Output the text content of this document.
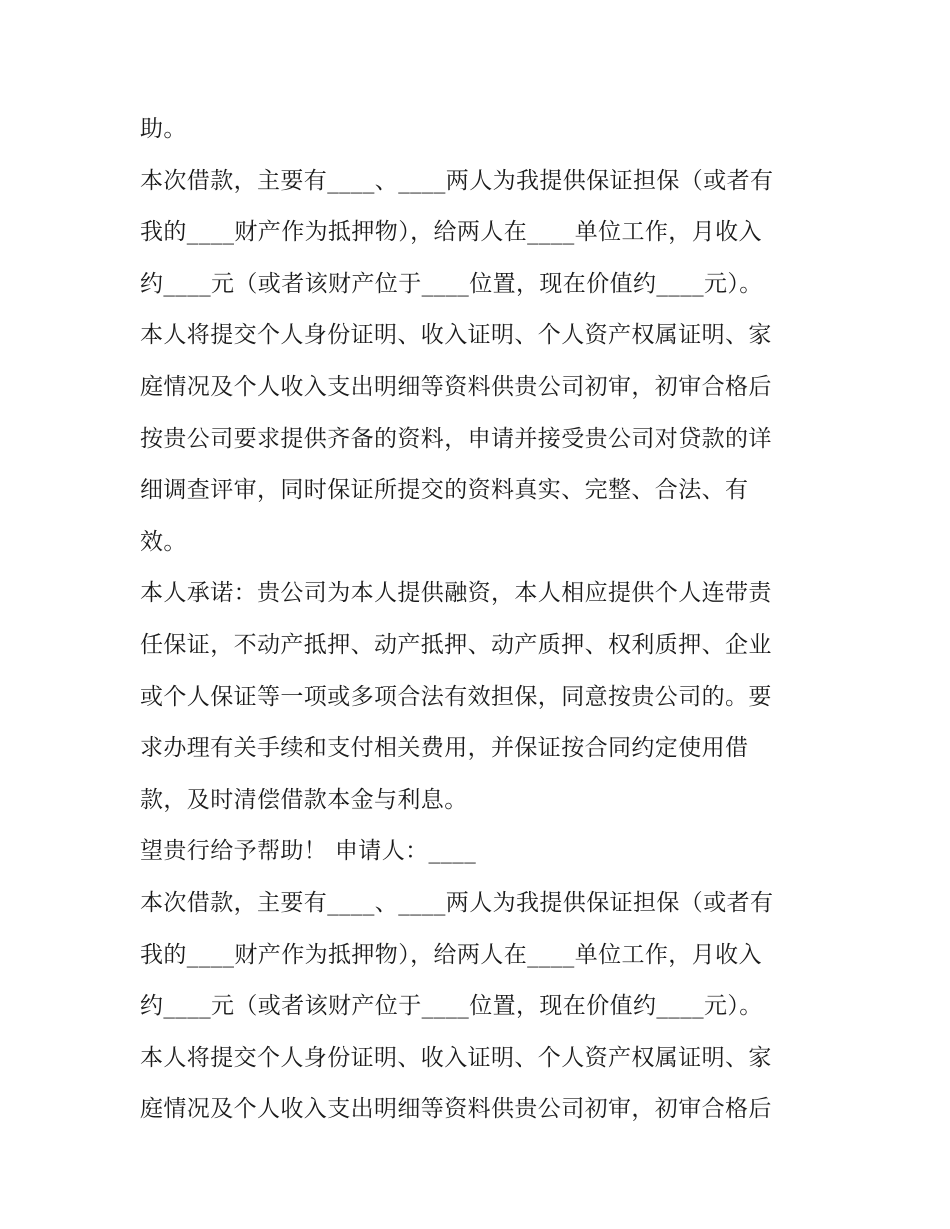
助。
本次借款，主要有____、____两人为我提供保证担保（或者有
我的____财产作为抵押物），给两人在____单位工作，月收入
约____元（或者该财产位于____位置，现在价值约____元）。
本人将提交个人身份证明、收入证明、个人资产权属证明、家
庭情况及个人收入支出明细等资料供贵公司初审，初审合格后
按贵公司要求提供齐备的资料，申请并接受贵公司对贷款的详
细调查评审，同时保证所提交的资料真实、完整、合法、有
效。
本人承诺：贵公司为本人提供融资，本人相应提供个人连带责
任保证，不动产抵押、动产抵押、动产质押、权利质押、企业
或个人保证等一项或多项合法有效担保，同意按贵公司的。要
求办理有关手续和支付相关费用，并保证按合同约定使用借
款，及时清偿借款本金与利息。
望贵行给予帮助！ 申请人：____
本次借款，主要有____、____两人为我提供保证担保（或者有
我的____财产作为抵押物），给两人在____单位工作，月收入
约____元（或者该财产位于____位置，现在价值约____元）。
本人将提交个人身份证明、收入证明、个人资产权属证明、家
庭情况及个人收入支出明细等资料供贵公司初审，初审合格后
